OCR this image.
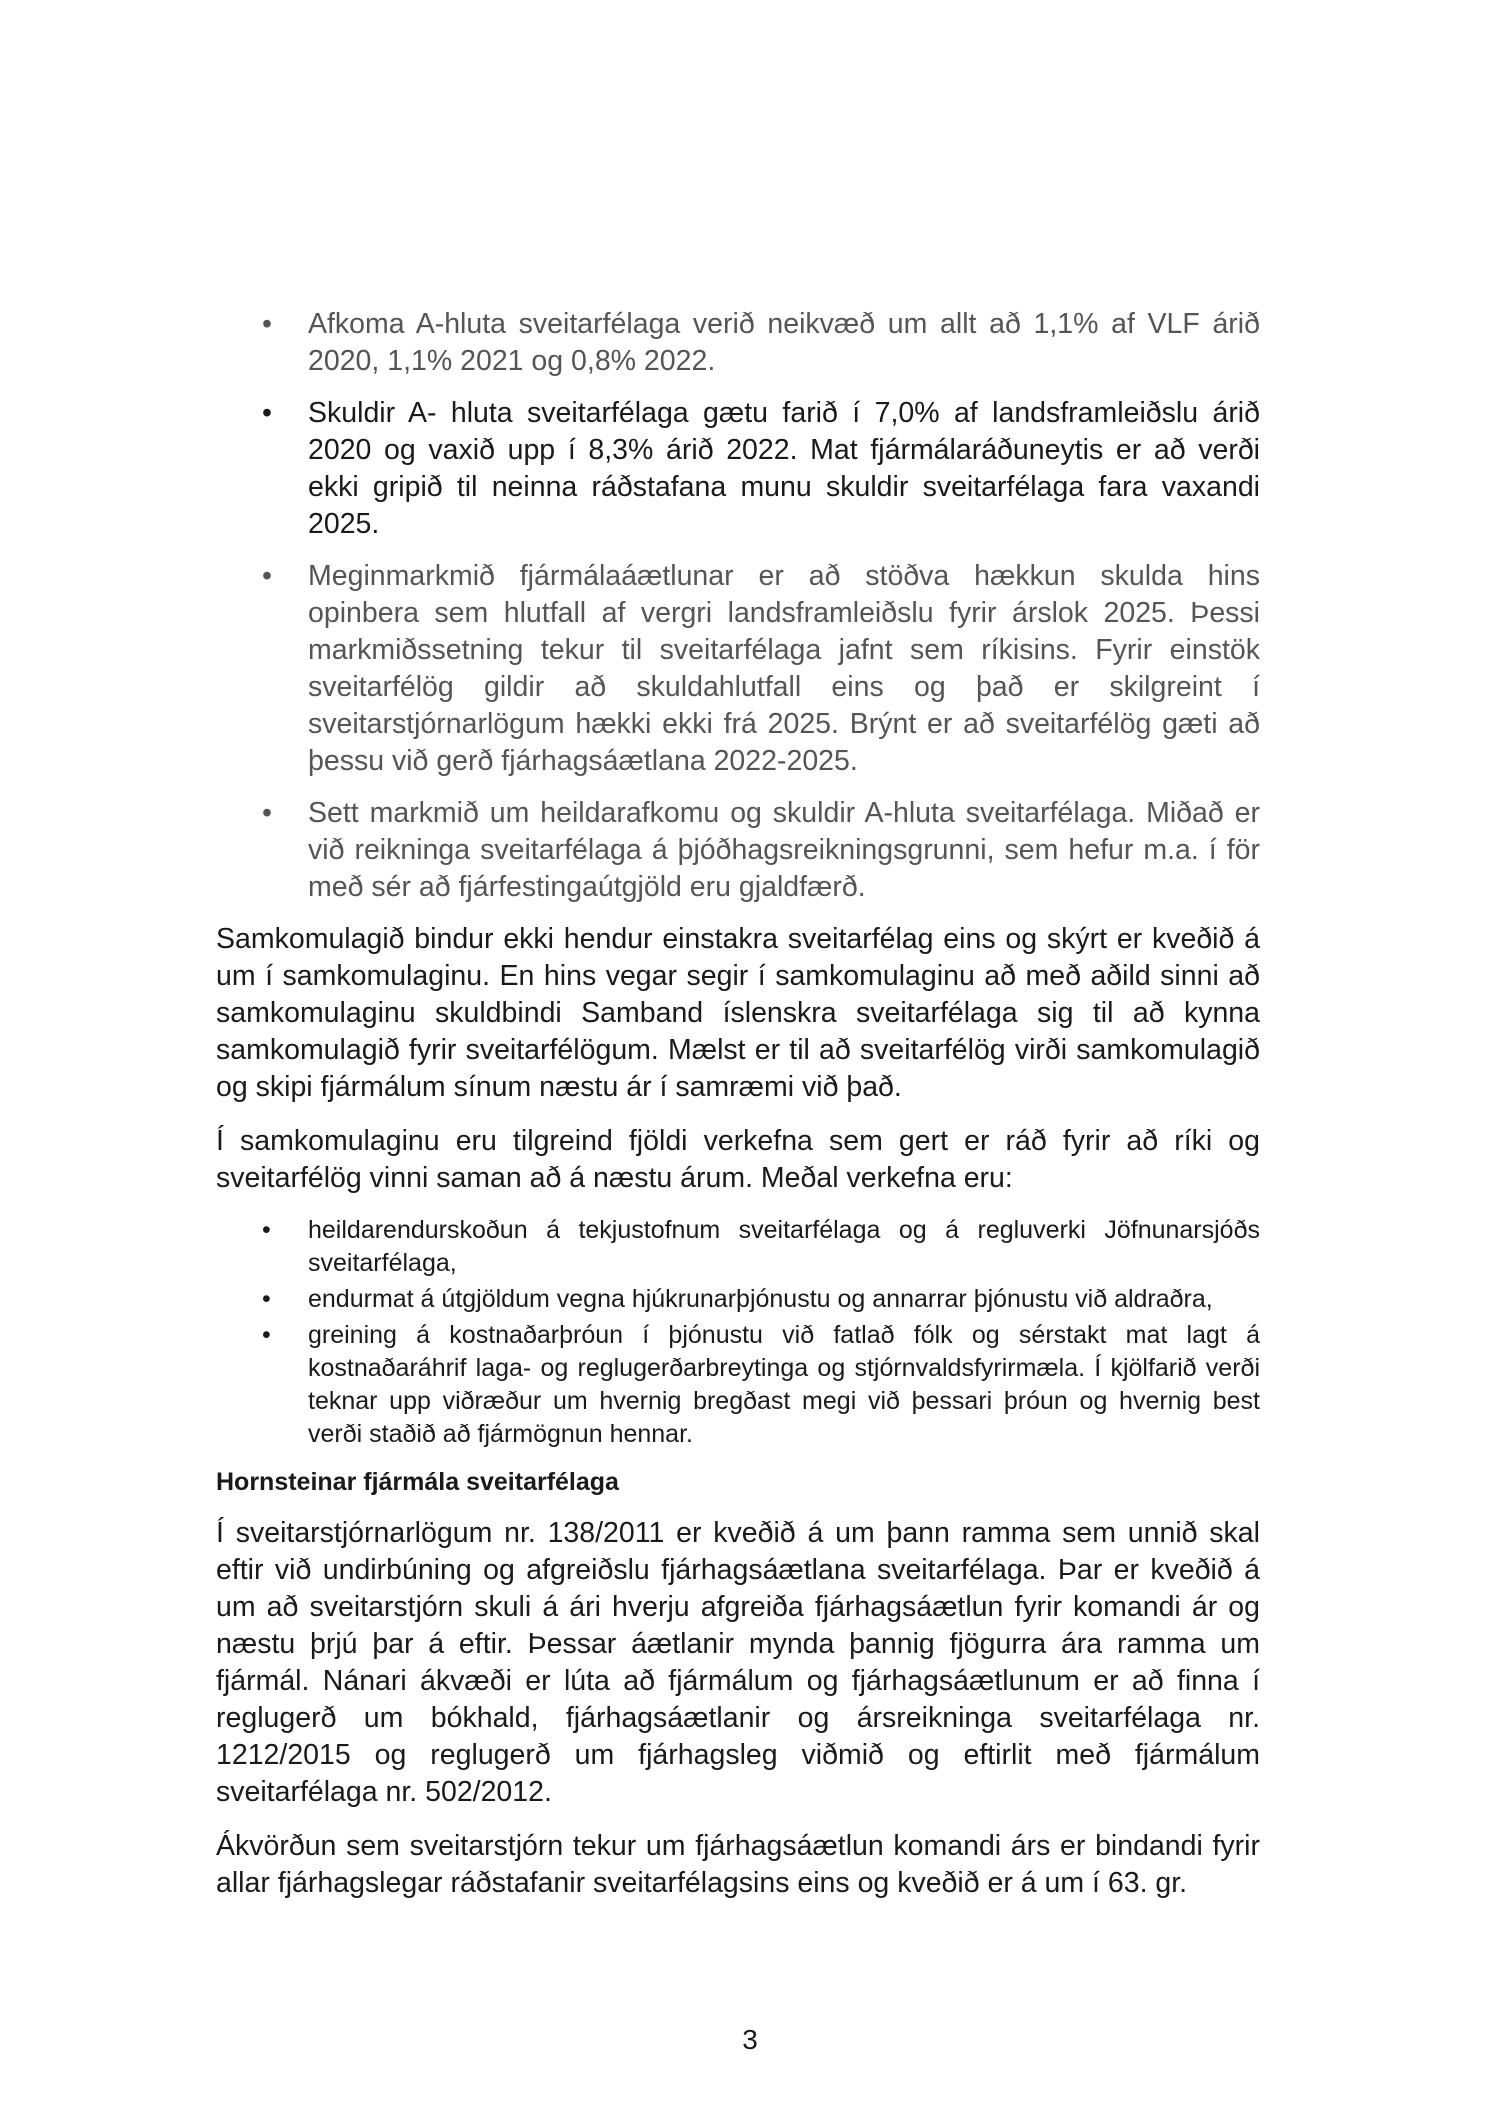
• Afkoma A-hluta sveitarfélaga verið neikvæð um allt að 1,1% af VLF árið 2020, 1,1% 2021 og 0,8% 2022.
• Skuldir A- hluta sveitarfélaga gætu farið í 7,0% af landsframleiðslu árið 2020 og vaxið upp í 8,3% árið 2022. Mat fjármálaráðuneytis er að verði ekki gripið til neinna ráðstafana munu skuldir sveitarfélaga fara vaxandi 2025.
• Meginmarkmið fjármálaáætlunar er að stöðva hækkun skulda hins opinbera sem hlutfall af vergri landsframleiðslu fyrir árslok 2025. Þessi markmiðssetning tekur til sveitarfélaga jafnt sem ríkisins. Fyrir einstök sveitarfélög gildir að skuldahlutfall eins og það er skilgreint í sveitarstjórnarlögum hækki ekki frá 2025. Brýnt er að sveitarfélög gæti að þessu við gerð fjárhagsáætlana 2022-2025.
• Sett markmið um heildarafkomu og skuldir A-hluta sveitarfélaga. Miðað er við reikninga sveitarfélaga á þjóðhagsreikningsgrunni, sem hefur m.a. í för með sér að fjárfestingaútgjöld eru gjaldfærð.

Samkomulagið bindur ekki hendur einstakra sveitarfélag eins og skýrt er kveðið á um í samkomulaginu. En hins vegar segir í samkomulaginu að með aðild sinni að samkomulaginu skuldbindi Samband íslenskra sveitarfélaga sig til að kynna samkomulagið fyrir sveitarfélögum. Mælst er til að sveitarfélög virði samkomulagið og skipi fjármálum sínum næstu ár í samræmi við það.

Í samkomulaginu eru tilgreind fjöldi verkefna sem gert er ráð fyrir að ríki og sveitarfélög vinni saman að á næstu árum. Meðal verkefna eru:

• heildarendurskoðun á tekjustofnum sveitarfélaga og á regluverki Jöfnunarsjóðs sveitarfélaga,
• endurmat á útgjöldum vegna hjúkrunarþjónustu og annarrar þjónustu við aldraðra,
• greining á kostnaðarþróun í þjónustu við fatlað fólk og sérstakt mat lagt á kostnaðaráhrif laga- og reglugerðarbreytinga og stjórnvaldsfyrirmæla. Í kjölfarið verði teknar upp viðræður um hvernig bregðast megi við þessari þróun og hvernig best verði staðið að fjármögnun hennar.
Hornsteinar fjármála sveitarfélaga

Í sveitarstjórnarlögum nr. 138/2011 er kveðið á um þann ramma sem unnið skal eftir við undirbúning og afgreiðslu fjárhagsáætlana sveitarfélaga. Þar er kveðið á um að sveitarstjórn skuli á ári hverju afgreiða fjárhagsáætlun fyrir komandi ár og næstu þrjú þar á eftir. Þessar áætlanir mynda þannig fjögurra ára ramma um fjármál. Nánari ákvæði er lúta að fjármálum og fjárhagsáætlunum er að finna í reglugerð um bókhald, fjárhagsáætlanir og ársreikninga sveitarfélaga nr. 1212/2015 og reglugerð um fjárhagsleg viðmið og eftirlit með fjármálum sveitarfélaga nr. 502/2012.

Ákvörðun sem sveitarstjórn tekur um fjárhagsáætlun komandi árs er bindandi fyrir allar fjárhagslegar ráðstafanir sveitarfélagsins eins og kveðið er á um í 63. gr.

3
